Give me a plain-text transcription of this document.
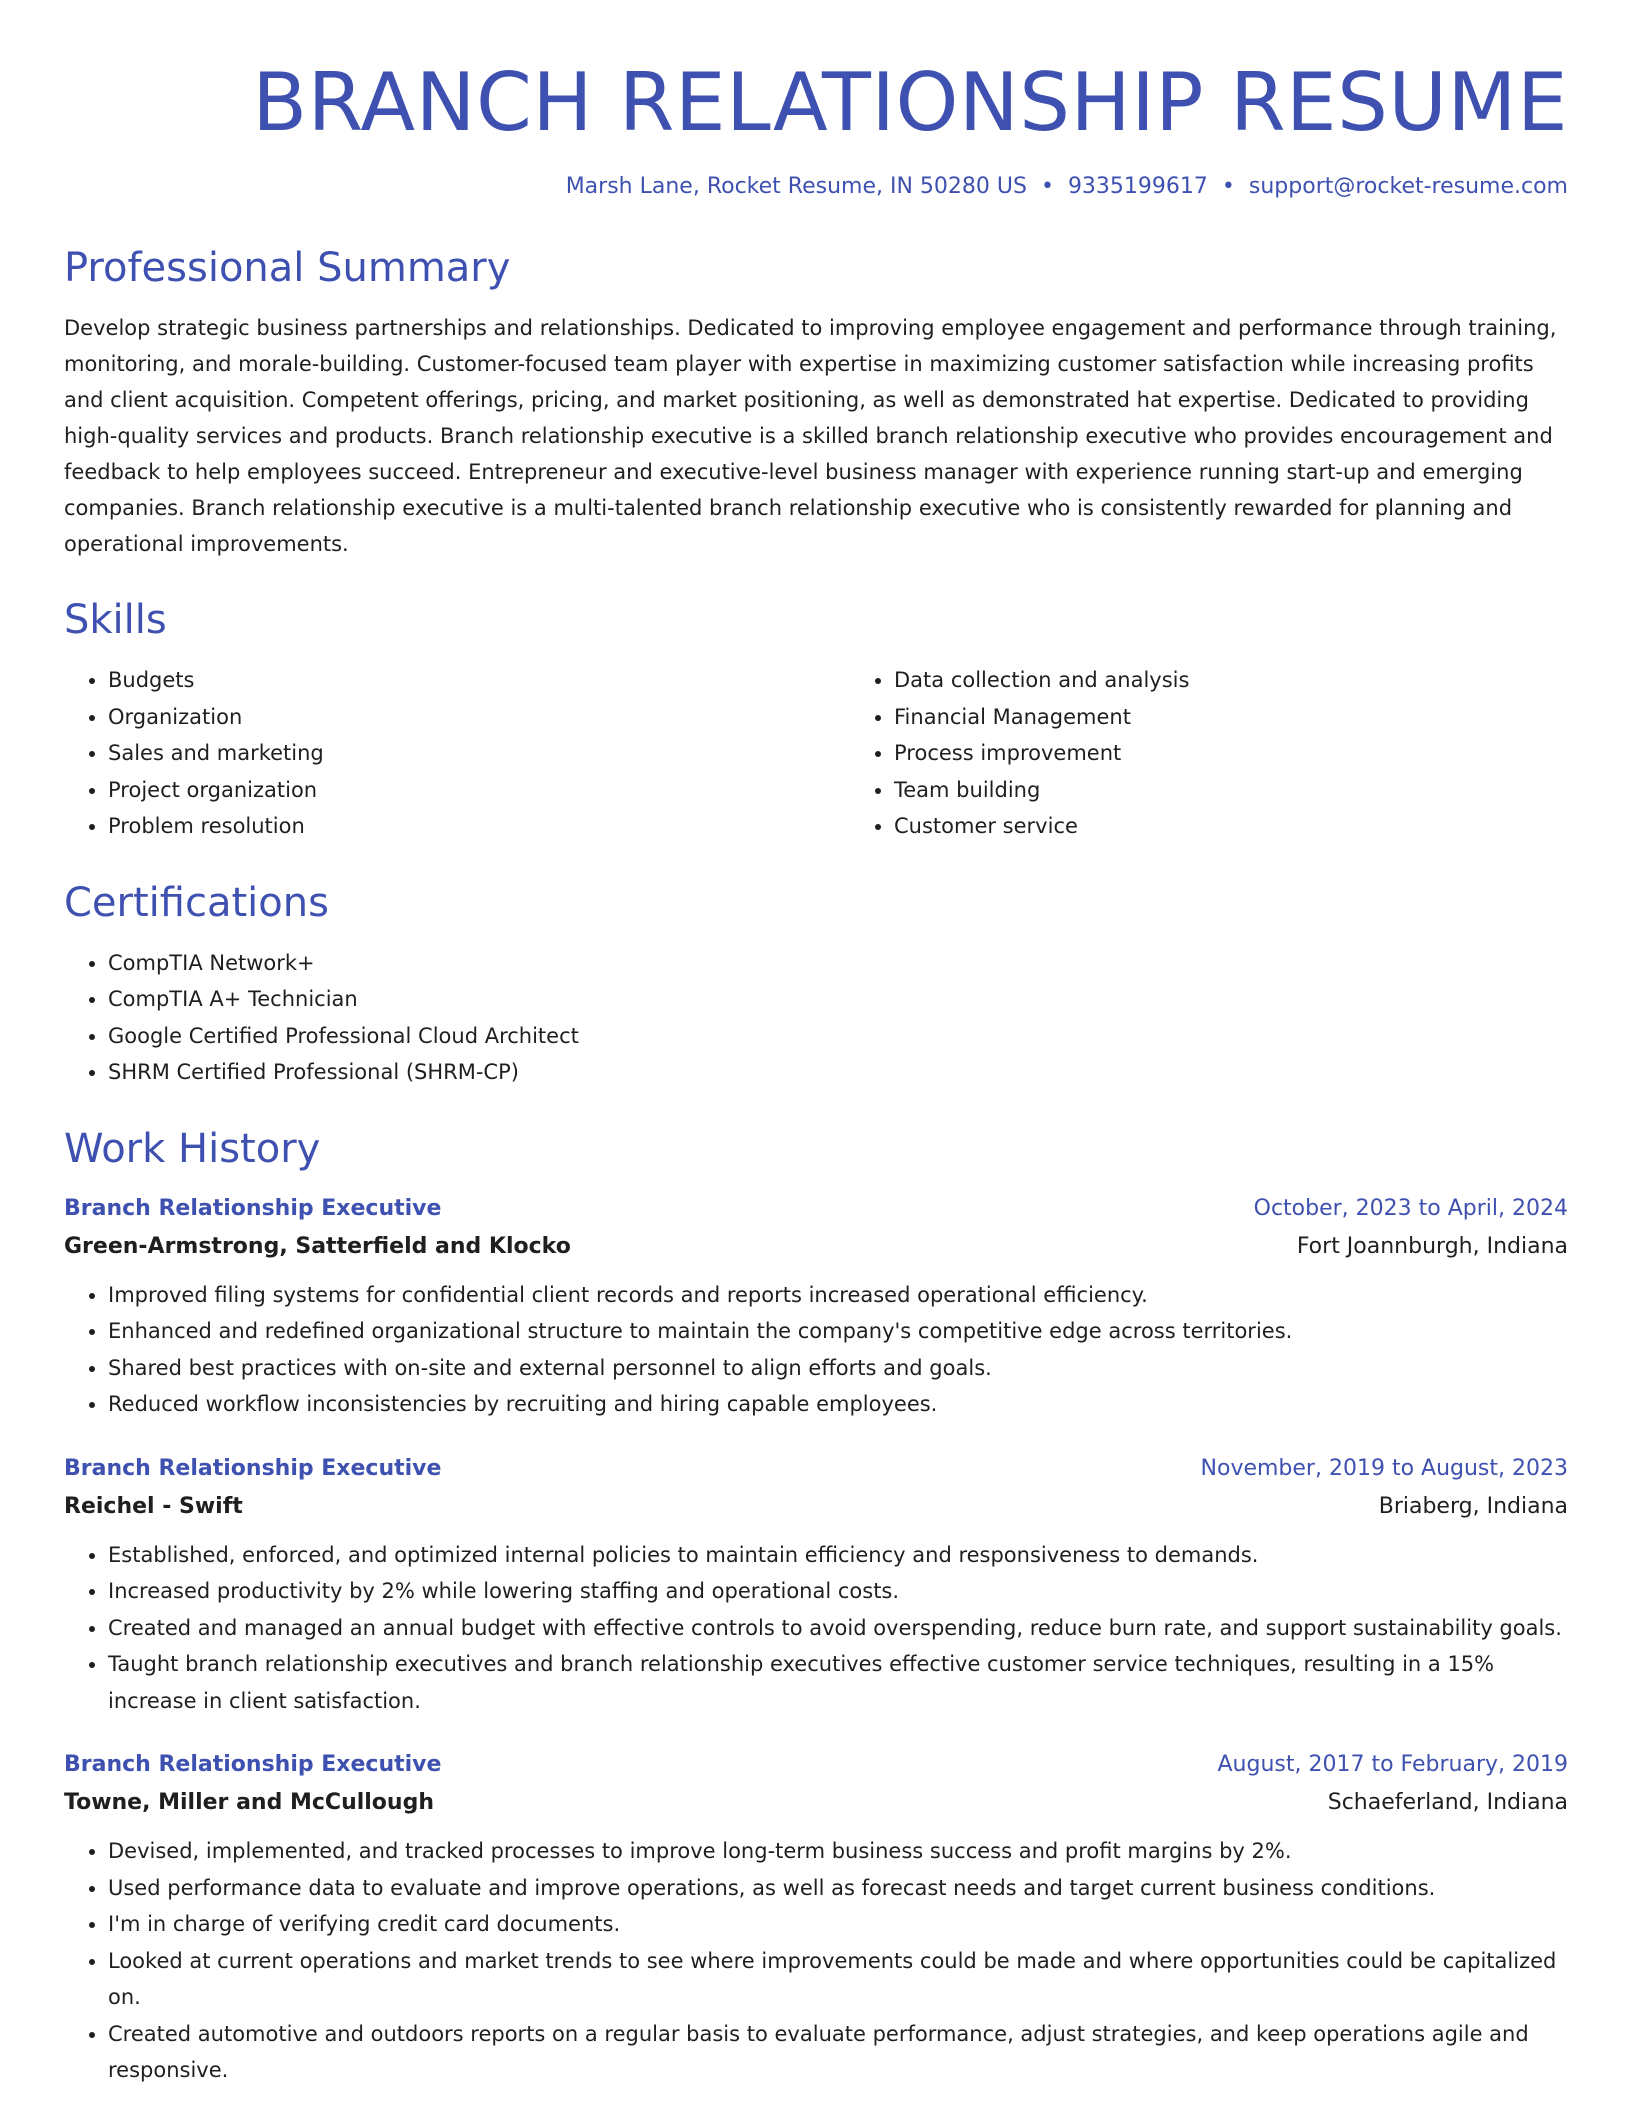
BRANCH RELATIONSHIP RESUME
Marsh Lane, Rocket Resume, IN 50280 US • 9335199617 • support@rocket-resume.com
Professional Summary

Develop strategic business partnerships and relationships. Dedicated to improving employee engagement and performance through training, monitoring, and morale-building. Customer-focused team player with expertise in maximizing customer satisfaction while increasing profits and client acquisition. Competent offerings, pricing, and market positioning, as well as demonstrated hat expertise. Dedicated to providing high-quality services and products. Branch relationship executive is a skilled branch relationship executive who provides encouragement and feedback to help employees succeed. Entrepreneur and executive-level business manager with experience running start-up and emerging companies. Branch relationship executive is a multi-talented branch relationship executive who is consistently rewarded for planning and operational improvements.

Skills
• Budgets
• Organization
• Sales and marketing
• Project organization
• Problem resolution
• Data collection and analysis
• Financial Management
• Process improvement
• Team building
• Customer service
Certifications
• CompTIA Network+
• CompTIA A+ Technician
• Google Certified Professional Cloud Architect
• SHRM Certified Professional (SHRM-CP)
Work History
Branch Relationship Executive	October, 2023 to April, 2024
Green-Armstrong, Satterfield and Klocko	Fort Joannburgh, Indiana
• Improved filing systems for confidential client records and reports increased operational efficiency.
• Enhanced and redefined organizational structure to maintain the company's competitive edge across territories.
• Shared best practices with on-site and external personnel to align efforts and goals.
• Reduced workflow inconsistencies by recruiting and hiring capable employees.
Branch Relationship Executive	November, 2019 to August, 2023
Reichel - Swift	Briaberg, Indiana
• Established, enforced, and optimized internal policies to maintain efficiency and responsiveness to demands.
• Increased productivity by 2% while lowering staffing and operational costs.
• Created and managed an annual budget with effective controls to avoid overspending, reduce burn rate, and support sustainability goals.
• Taught branch relationship executives and branch relationship executives effective customer service techniques, resulting in a 15% increase in client satisfaction.
Branch Relationship Executive	August, 2017 to February, 2019
Towne, Miller and McCullough	Schaeferland, Indiana
• Devised, implemented, and tracked processes to improve long-term business success and profit margins by 2%.
• Used performance data to evaluate and improve operations, as well as forecast needs and target current business conditions.
• I'm in charge of verifying credit card documents.
• Looked at current operations and market trends to see where improvements could be made and where opportunities could be capitalized on.
• Created automotive and outdoors reports on a regular basis to evaluate performance, adjust strategies, and keep operations agile and responsive.
